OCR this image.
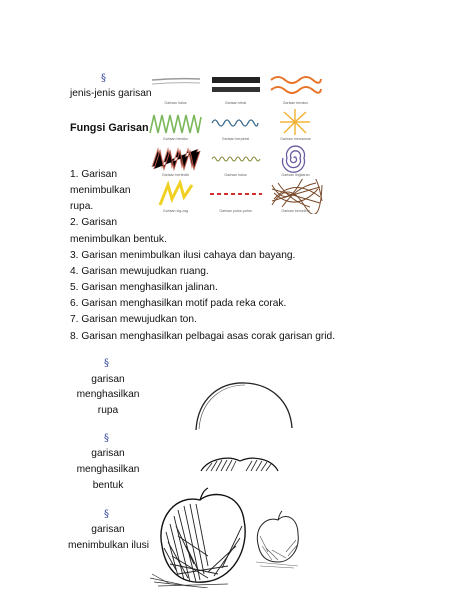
§
jenis-jenis garisan
Fungsi Garisan
Garisan halus	Garisan tebal	Garisan beralun
Garisan bersiku	Garisan berpintal	Garisan memancar
Garisan bertindih	Garisan halus	Garisan lingkaran
Garisan zig-zag	Garisan putus-putus	Garisan berselirat
1. Garisan
menimbulkan
rupa.
2. Garisan
menimbulkan bentuk.
3. Garisan menimbulkan ilusi cahaya dan bayang.
4. Garisan mewujudkan ruang.
5. Garisan menghasilkan jalinan.
6. Garisan menghasilkan motif pada reka corak.
7. Garisan mewujudkan ton.
8. Garisan menghasilkan pelbagai asas corak garisan grid.
§
garisan
menghasilkan
rupa
§
garisan
menghasilkan
bentuk
§
garisan
menimbulkan ilusi
